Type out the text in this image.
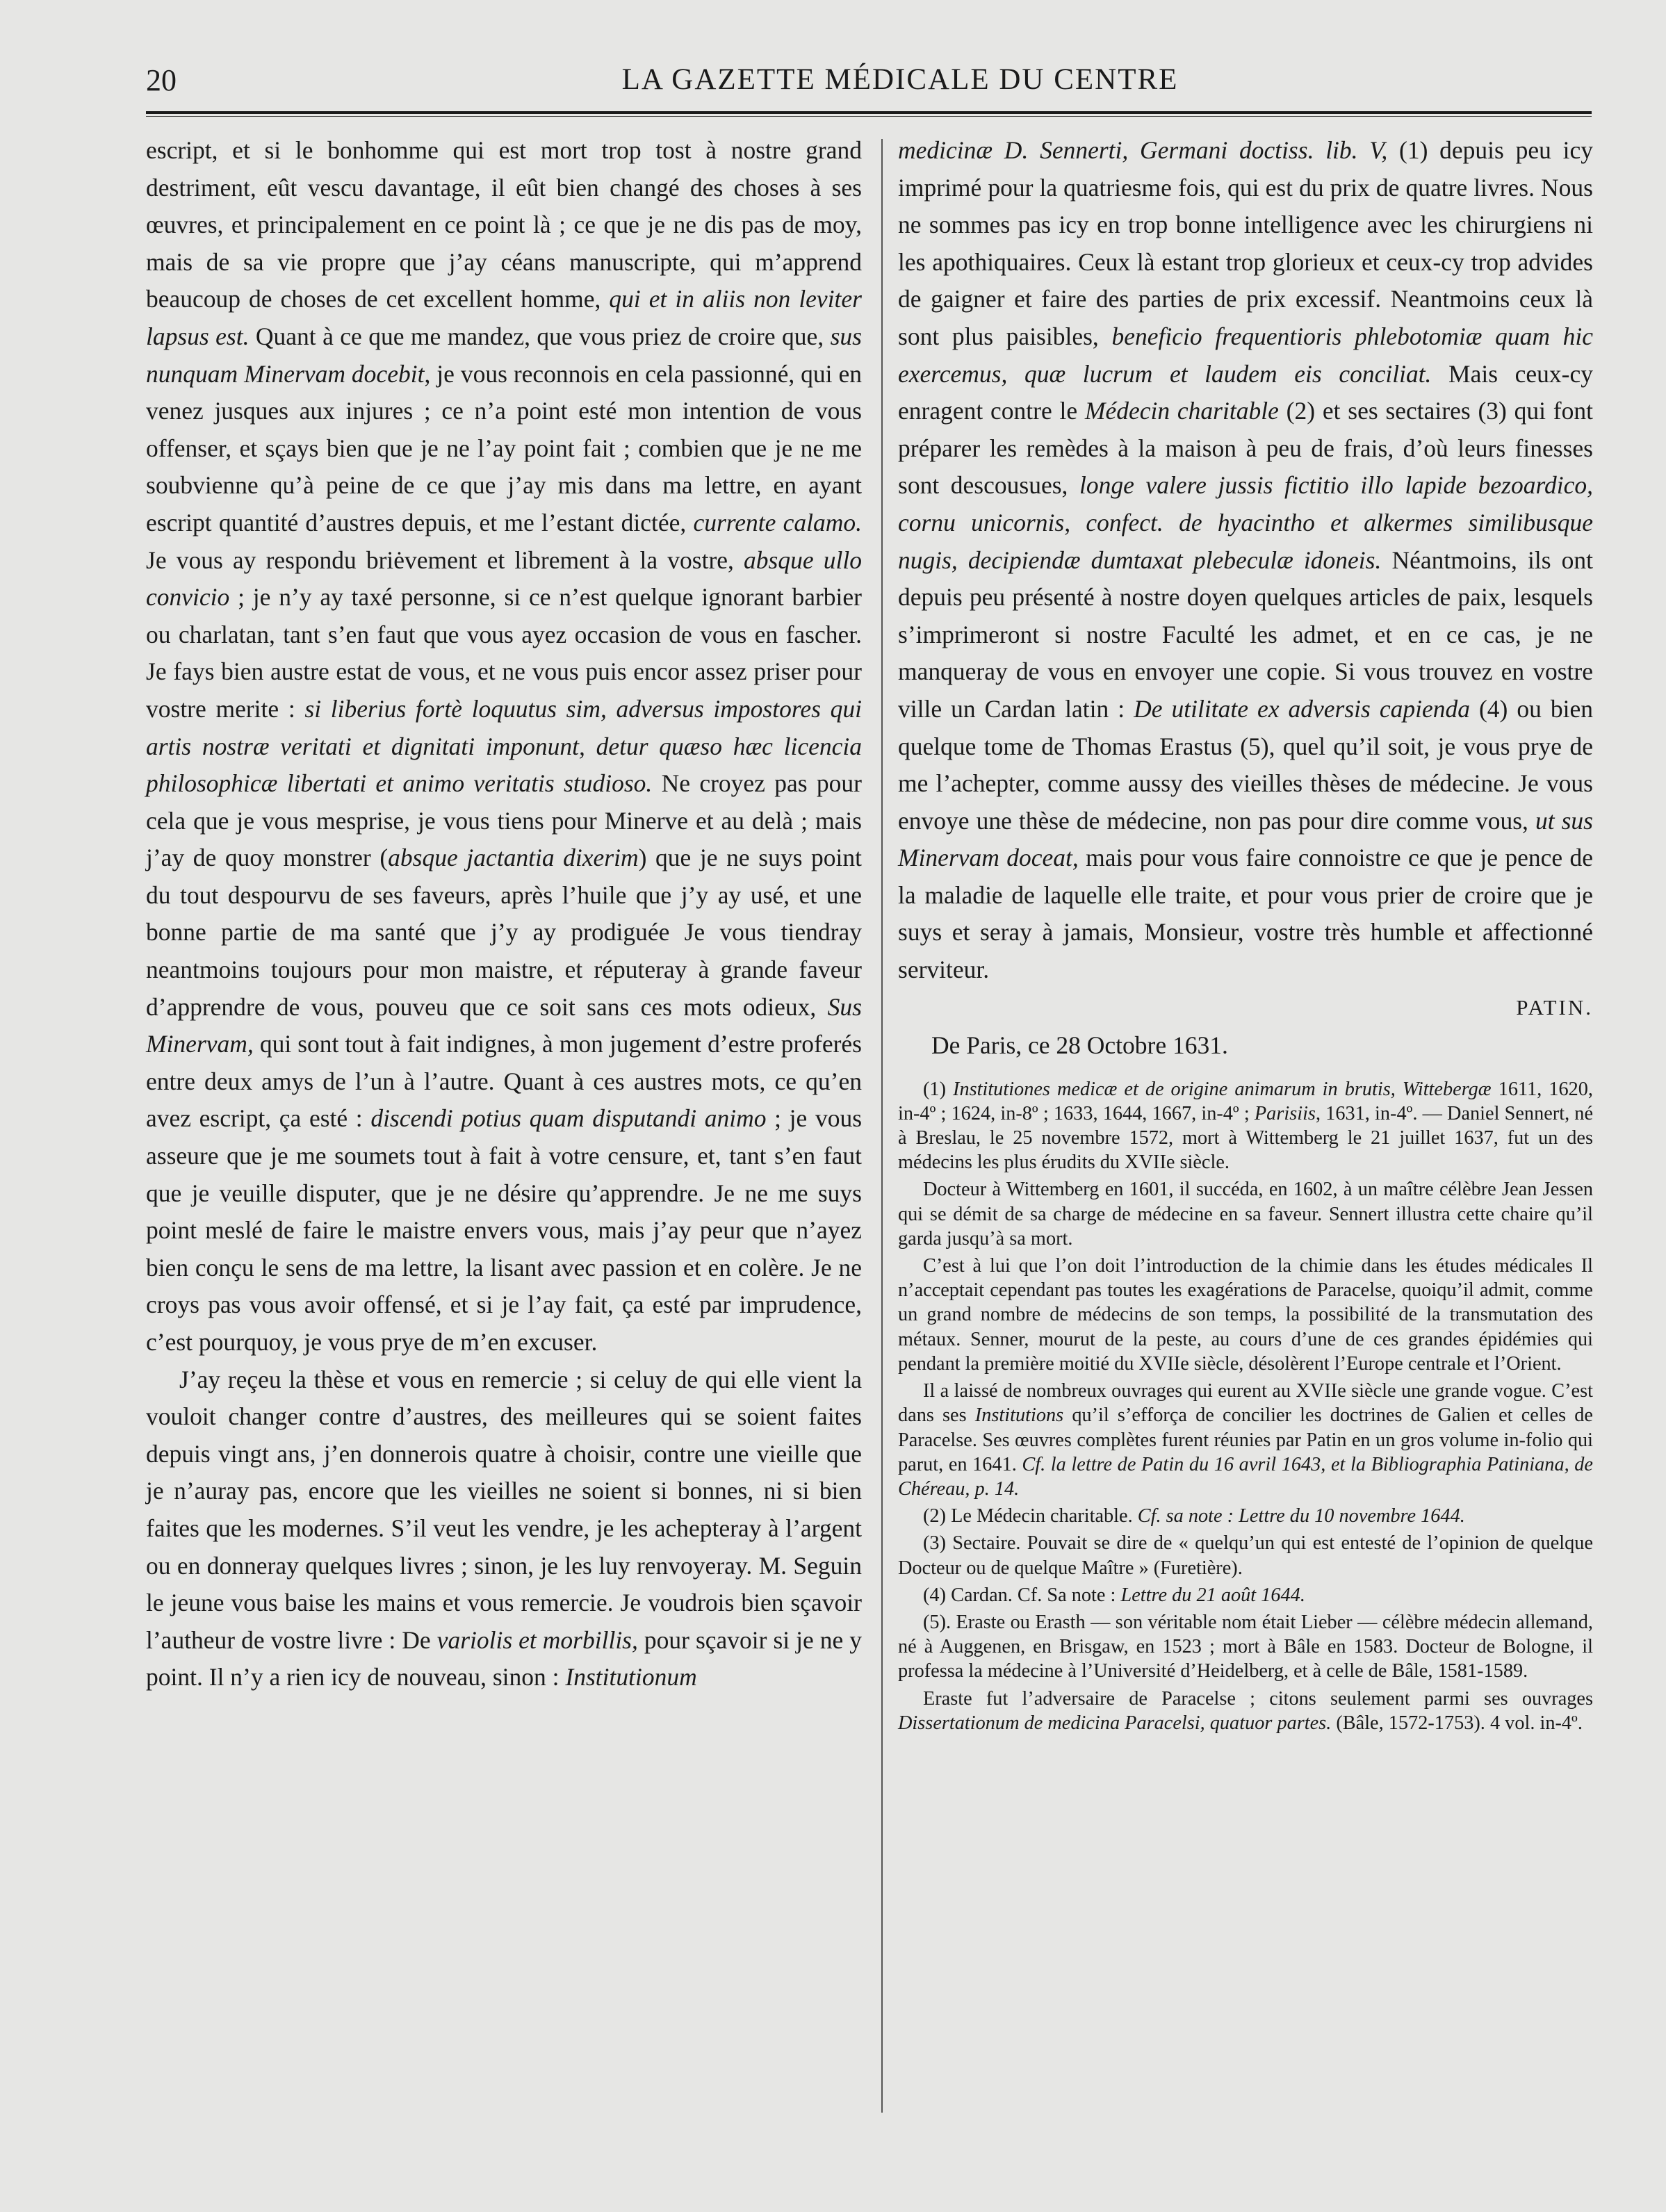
20	LA GAZETTE MÉDICALE DU CENTRE

escript, et si le bonhomme qui est mort trop tost à nostre grand destriment, eût vescu davantage, il eût bien changé des choses à ses œuvres, et principalement en ce point là ; ce que je ne dis pas de moy, mais de sa vie propre que j’ay céans manuscripte, qui m’apprend beaucoup de choses de cet excellent homme, qui et in aliis non leviter lapsus est. Quant à ce que me mandez, que vous priez de croire que, sus nunquam Minervam docebit, je vous reconnois en cela passionné, qui en venez jusques aux injures ; ce n’a point esté mon intention de vous offenser, et sçays bien que je ne l’ay point fait ; combien que je ne me soubvienne qu’à peine de ce que j’ay mis dans ma lettre, en ayant escript quantité d’austres depuis, et me l’estant dictée, currente calamo. Je vous ay respondu briėvement et librement à la vostre, absque ullo convicio ; je n’y ay taxé personne, si ce n’est quelque ignorant barbier ou charlatan, tant s’en faut que vous ayez occasion de vous en fascher. Je fays bien austre estat de vous, et ne vous puis encor assez priser pour vostre merite : si liberius fortè loquutus sim, adversus impostores qui artis nostræ veritati et dignitati imponunt, detur quæso hæc licencia philosophicæ libertati et animo veritatis studioso. Ne croyez pas pour cela que je vous mesprise, je vous tiens pour Minerve et au delà ; mais j’ay de quoy monstrer (absque jactantia dixerim) que je ne suys point du tout despourvu de ses faveurs, après l’huile que j’y ay usé, et une bonne partie de ma santé que j’y ay prodiguée Je vous tiendray neantmoins toujours pour mon maistre, et réputeray à grande faveur d’apprendre de vous, pouveu que ce soit sans ces mots odieux, Sus Minervam, qui sont tout à fait indignes, à mon jugement d’estre proferés entre deux amys de l’un à l’autre. Quant à ces austres mots, ce qu’en avez escript, ça esté : discendi potius quam disputandi animo ; je vous asseure que je me soumets tout à fait à votre censure, et, tant s’en faut que je veuille disputer, que je ne désire qu’apprendre. Je ne me suys point meslé de faire le maistre envers vous, mais j’ay peur que n’ayez bien conçu le sens de ma lettre, la lisant avec passion et en colère. Je ne croys pas vous avoir offensé, et si je l’ay fait, ça esté par imprudence, c’est pourquoy, je vous prye de m’en excuser.

J’ay reçeu la thèse et vous en remercie ; si celuy de qui elle vient la vouloit changer contre d’austres, des meilleures qui se soient faites depuis vingt ans, j’en donnerois quatre à choisir, contre une vieille que je n’auray pas, encore que les vieilles ne soient si bonnes, ni si bien faites que les modernes. S’il veut les vendre, je les achepteray à l’argent ou en donneray quelques livres ; sinon, je les luy renvoyeray. M. Seguin le jeune vous baise les mains et vous remercie. Je voudrois bien sçavoir l’autheur de vostre livre : De variolis et morbillis, pour sçavoir si je ne y point. Il n’y a rien icy de nouveau, sinon : Institutionum

medicinæ D. Sennerti, Germani doctiss. lib. V, (1) depuis peu icy imprimé pour la quatriesme fois, qui est du prix de quatre livres. Nous ne sommes pas icy en trop bonne intelligence avec les chirurgiens ni les apothiquaires. Ceux là estant trop glorieux et ceux-cy trop advides de gaigner et faire des parties de prix excessif. Neantmoins ceux là sont plus paisibles, beneficio frequentioris phlebotomiæ quam hic exercemus, quæ lucrum et laudem eis conciliat. Mais ceux-cy enragent contre le Médecin charitable (2) et ses sectaires (3) qui font préparer les remèdes à la maison à peu de frais, d’où leurs finesses sont descousues, longe valere jussis fictitio illo lapide bezoardico, cornu unicornis, confect. de hyacintho et alkermes similibusque nugis, decipiendæ dumtaxat plebeculæ idoneis. Néantmoins, ils ont depuis peu présenté à nostre doyen quelques articles de paix, lesquels s’imprimeront si nostre Faculté les admet, et en ce cas, je ne manqueray de vous en envoyer une copie. Si vous trouvez en vostre ville un Cardan latin : De utilitate ex adversis capienda (4) ou bien quelque tome de Thomas Erastus (5), quel qu’il soit, je vous prye de me l’achepter, comme aussy des vieilles thèses de médecine. Je vous envoye une thèse de médecine, non pas pour dire comme vous, ut sus Minervam doceat, mais pour vous faire connoistre ce que je pence de la maladie de laquelle elle traite, et pour vous prier de croire que je suys et seray à jamais, Monsieur, vostre très humble et affectionné serviteur.

PATIN.

De Paris, ce 28 Octobre 1631.

(1) Institutiones medicæ et de origine animarum in brutis, Wittebergæ 1611, 1620, in-4º ; 1624, in-8º ; 1633, 1644, 1667, in-4º ; Parisiis, 1631, in-4º. — Daniel Sennert, né à Breslau, le 25 novembre 1572, mort à Wittemberg le 21 juillet 1637, fut un des médecins les plus érudits du XVIIe siècle.

Docteur à Wittemberg en 1601, il succéda, en 1602, à un maître célèbre Jean Jessen qui se démit de sa charge de médecine en sa faveur. Sennert illustra cette chaire qu’il garda jusqu’à sa mort.

C’est à lui que l’on doit l’introduction de la chimie dans les études médicales Il n’acceptait cependant pas toutes les exagérations de Paracelse, quoiqu’il admit, comme un grand nombre de médecins de son temps, la possibilité de la transmutation des métaux. Senner, mourut de la peste, au cours d’une de ces grandes épidémies qui pendant la première moitié du XVIIe siècle, désolèrent l’Europe centrale et l’Orient.

Il a laissé de nombreux ouvrages qui eurent au XVIIe siècle une grande vogue. C’est dans ses Institutions qu’il s’efforça de concilier les doctrines de Galien et celles de Paracelse. Ses œuvres complètes furent réunies par Patin en un gros volume in-folio qui parut, en 1641. Cf. la lettre de Patin du 16 avril 1643, et la Bibliographia Patiniana, de Chéreau, p. 14.

(2) Le Médecin charitable. Cf. sa note : Lettre du 10 novembre 1644.

(3) Sectaire. Pouvait se dire de « quelqu’un qui est entesté de l’opinion de quelque Docteur ou de quelque Maître » (Furetière).

(4) Cardan. Cf. Sa note : Lettre du 21 août 1644.

(5). Eraste ou Erasth — son véritable nom était Lieber — célèbre médecin allemand, né à Auggenen, en Brisgaw, en 1523 ; mort à Bâle en 1583. Docteur de Bologne, il professa la médecine à l’Université d’Heidelberg, et à celle de Bâle, 1581-1589.

Eraste fut l’adversaire de Paracelse ; citons seulement parmi ses ouvrages Dissertationum de medicina Paracelsi, quatuor partes. (Bâle, 1572-1753). 4 vol. in-4º.
